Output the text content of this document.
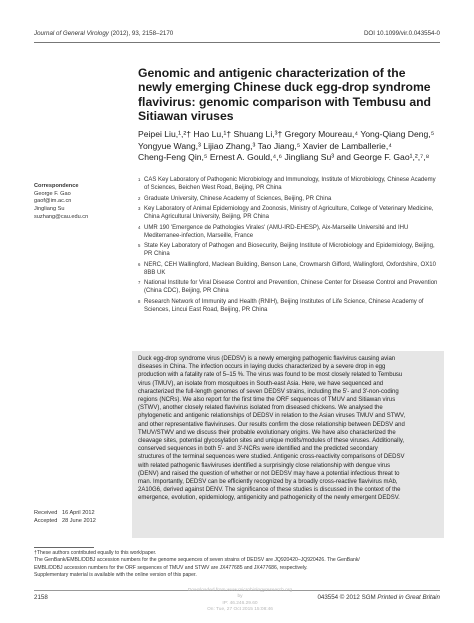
Journal of General Virology (2012), 93, 2158–2170	DOI 10.1099/vir.0.043554-0
Genomic and antigenic characterization of the
newly emerging Chinese duck egg-drop syndrome
flavivirus: genomic comparison with Tembusu and
Sitiawan viruses
Peipei Liu,¹,²† Hao Lu,¹† Shuang Li,³† Gregory Moureau,⁴ Yong-Qiang Deng,⁵
Yongyue Wang,³ Lijiao Zhang,³ Tao Jiang,⁵ Xavier de Lamballerie,⁴
Cheng-Feng Qin,⁵ Ernest A. Gould,⁴,⁶ Jingliang Su³ and George F. Gao¹,²,⁷,⁸
Correspondence
George F. Gao
gaof@im.ac.cn
Jingliang Su
suzhang@cau.edu.cn
1 CAS Key Laboratory of Pathogenic Microbiology and Immunology, Institute of Microbiology, Chinese Academy of Sciences, Beichen West Road, Beijing, PR China
2 Graduate University, Chinese Academy of Sciences, Beijing, PR China
3 Key Laboratory of Animal Epidemiology and Zoonosis, Ministry of Agriculture, College of Veterinary Medicine, China Agricultural University, Beijing, PR China
4 UMR 190 'Emergence de Pathologies Virales' (AMU-IRD-EHESP), Aix-Marseille Université and IHU Mediterranee-infection, Marseille, France
5 State Key Laboratory of Pathogen and Biosecurity, Beijing Institute of Microbiology and Epidemiology, Beijing, PR China
6 NERC, CEH Wallingford, Maclean Building, Benson Lane, Crowmarsh Gifford, Wallingford, Oxfordshire, OX10 8BB UK
7 National Institute for Viral Disease Control and Prevention, Chinese Center for Disease Control and Prevention (China CDC), Beijing, PR China
8 Research Network of Immunity and Health (RNIH), Beijing Institutes of Life Science, Chinese Academy of Sciences, Lincui East Road, Beijing, PR China
Duck egg-drop syndrome virus (DEDSV) is a newly emerging pathogenic flavivirus causing avian
diseases in China. The infection occurs in laying ducks characterized by a severe drop in egg
production with a fatality rate of 5–15 %. The virus was found to be most closely related to Tembusu
virus (TMUV), an isolate from mosquitoes in South-east Asia. Here, we have sequenced and
characterized the full-length genomes of seven DEDSV strains, including the 5′- and 3′-non-coding
regions (NCRs). We also report for the first time the ORF sequences of TMUV and Sitiawan virus
(STWV), another closely related flavivirus isolated from diseased chickens. We analysed the
phylogenetic and antigenic relationships of DEDSV in relation to the Asian viruses TMUV and STWV,
and other representative flaviviruses. Our results confirm the close relationship between DEDSV and
TMUV/STWV and we discuss their probable evolutionary origins. We have also characterized the
cleavage sites, potential glycosylation sites and unique motifs/modules of these viruses. Additionally,
conserved sequences in both 5′- and 3′-NCRs were identified and the predicted secondary
structures of the terminal sequences were studied. Antigenic cross-reactivity comparisons of DEDSV
with related pathogenic flaviviruses identified a surprisingly close relationship with dengue virus
(DENV) and raised the question of whether or not DEDSV may have a potential infectious threat to
man. Importantly, DEDSV can be efficiently recognized by a broadly cross-reactive flavivirus mAb,
2A10G6, derived against DENV. The significance of these studies is discussed in the context of the
emergence, evolution, epidemiology, antigenicity and pathogenicity of the newly emergent DEDSV.
Received   16 April 2012
Accepted   28 June 2012
†These authors contributed equally to this work/paper.
The GenBank/EMBL/DDBJ accession numbers for the genome sequences of seven strains of DEDSV are JQ920420–JQ920426. The GenBank/
EMBL/DDBJ accession numbers for the ORF sequences of TMUV and STWV are JX477685 and JX477686, respectively.
Supplementary material is available with the online version of this paper.
2158
Downloaded from www.microbiologyresearch.org by
IP: 46.246.29.60
On: Tue, 27 Oct 2015 15:08:46
043554 © 2012 SGM Printed in Great Britain
